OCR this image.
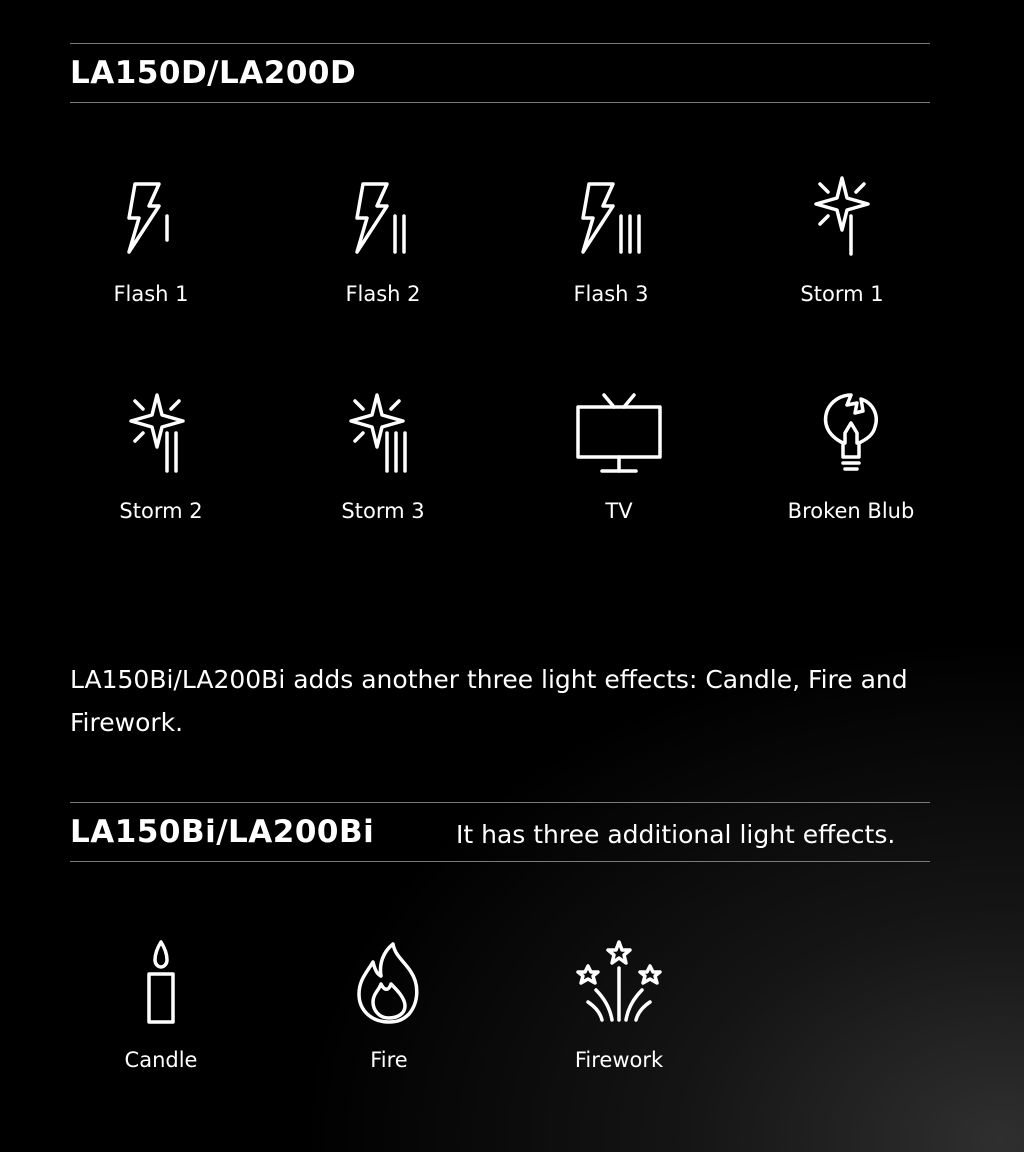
LA150D/LA200D
Flash 1	Flash 2	Flash 3	Storm 1
Storm 2	Storm 3	TV	Broken Blub
LA150Bi/LA200Bi adds another three light effects: Candle, Fire and Firework.
LA150Bi/LA200Bi	It has three additional light effects.
Candle	Fire	Firework
